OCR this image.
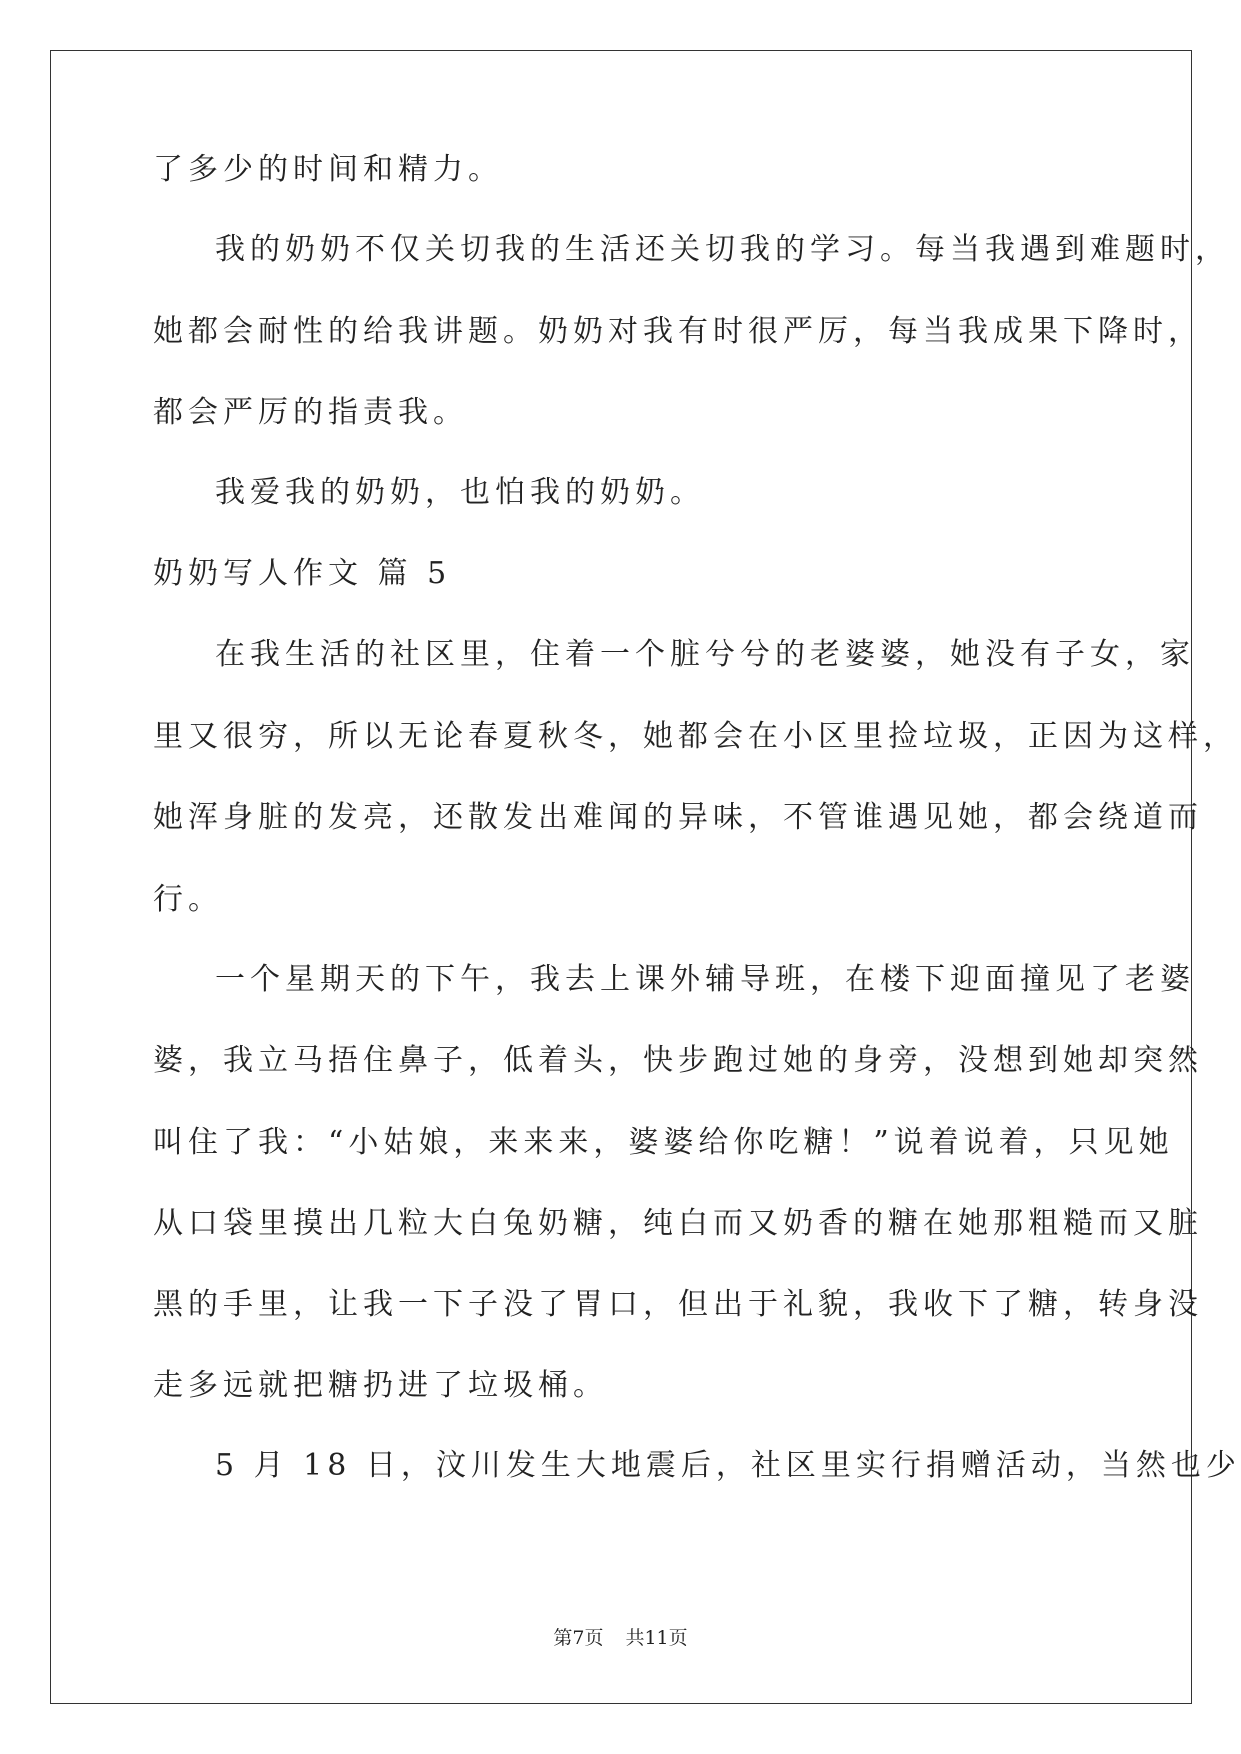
了多少的时间和精力。
我的奶奶不仅关切我的生活还关切我的学习。每当我遇到难题时，
她都会耐性的给我讲题。奶奶对我有时很严厉，每当我成果下降时，
都会严厉的指责我。
我爱我的奶奶，也怕我的奶奶。
奶奶写人作文 篇 5
在我生活的社区里，住着一个脏兮兮的老婆婆，她没有子女，家
里又很穷，所以无论春夏秋冬，她都会在小区里捡垃圾，正因为这样，
她浑身脏的发亮，还散发出难闻的异味，不管谁遇见她，都会绕道而
行。
一个星期天的下午，我去上课外辅导班，在楼下迎面撞见了老婆
婆，我立马捂住鼻子，低着头，快步跑过她的身旁，没想到她却突然
叫住了我：“小姑娘，来来来，婆婆给你吃糖！”说着说着，只见她
从口袋里摸出几粒大白兔奶糖，纯白而又奶香的糖在她那粗糙而又脏
黑的手里，让我一下子没了胃口，但出于礼貌，我收下了糖，转身没
走多远就把糖扔进了垃圾桶。
5 月 18 日，汶川发生大地震后，社区里实行捐赠活动，当然也少
第7页 共11页
